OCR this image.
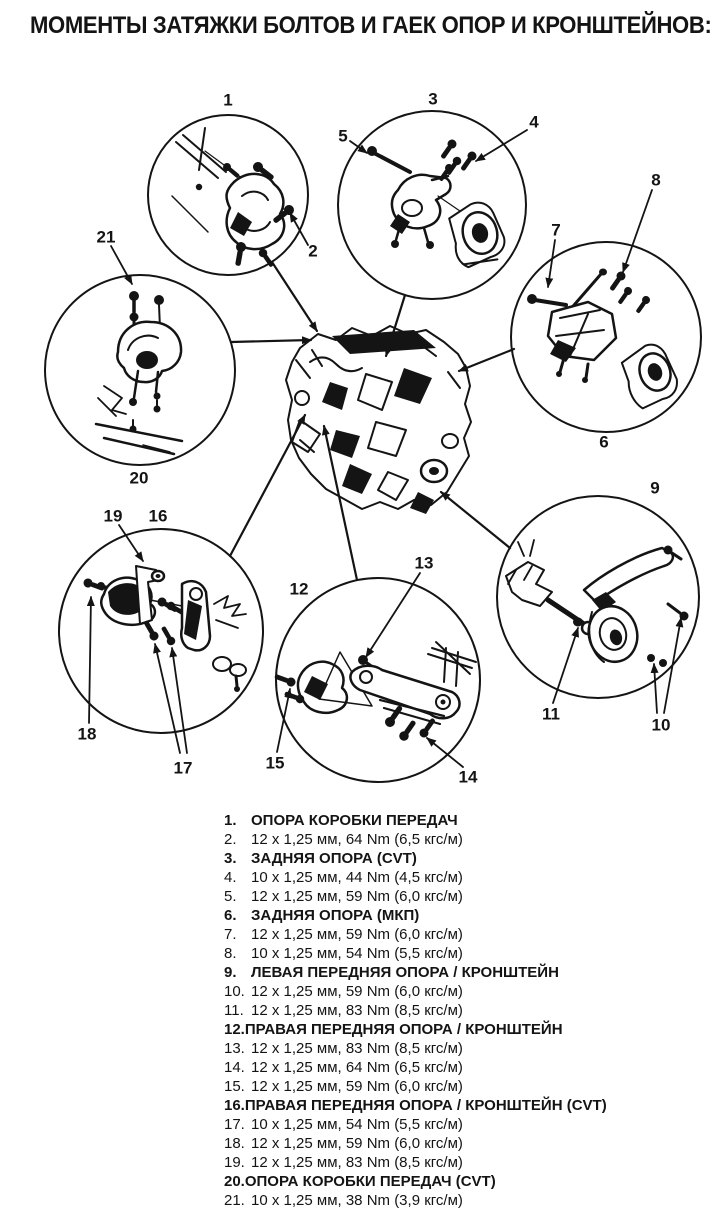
МОМЕНТЫ ЗАТЯЖКИ БОЛТОВ И ГАЕК ОПОР И КРОНШТЕЙНОВ:
1
2
3
4
5
6
7
8
9
10
11
12
13
14
15
16
17
18
19
20
21
1. ОПОРА КОРОБКИ ПЕРЕДАЧ
2. 12 x 1,25 мм, 64 Nm (6,5 кгс/м)
3. ЗАДНЯЯ ОПОРА (CVT)
4. 10 x 1,25 мм, 44 Nm (4,5 кгс/м)
5. 12 x 1,25 мм, 59 Nm (6,0 кгс/м)
6. ЗАДНЯЯ ОПОРА (МКП)
7. 12 x 1,25 мм, 59 Nm (6,0 кгс/м)
8. 10 x 1,25 мм, 54 Nm (5,5 кгс/м)
9. ЛЕВАЯ ПЕРЕДНЯЯ ОПОРА / КРОНШТЕЙН
10. 12 x 1,25 мм, 59 Nm (6,0 кгс/м)
11. 12 x 1,25 мм, 83 Nm (8,5 кгс/м)
12. ПРАВАЯ ПЕРЕДНЯЯ ОПОРА / КРОНШТЕЙН
13. 12 x 1,25 мм, 83 Nm (8,5 кгс/м)
14. 12 x 1,25 мм, 64 Nm (6,5 кгс/м)
15. 12 x 1,25 мм, 59 Nm (6,0 кгс/м)
16. ПРАВАЯ ПЕРЕДНЯЯ ОПОРА / КРОНШТЕЙН (CVT)
17. 10 x 1,25 мм, 54 Nm (5,5 кгс/м)
18. 12 x 1,25 мм, 59 Nm (6,0 кгс/м)
19. 12 x 1,25 мм, 83 Nm (8,5 кгс/м)
20. ОПОРА КОРОБКИ ПЕРЕДАЧ (CVT)
21. 10 x 1,25 мм, 38 Nm (3,9 кгс/м)
